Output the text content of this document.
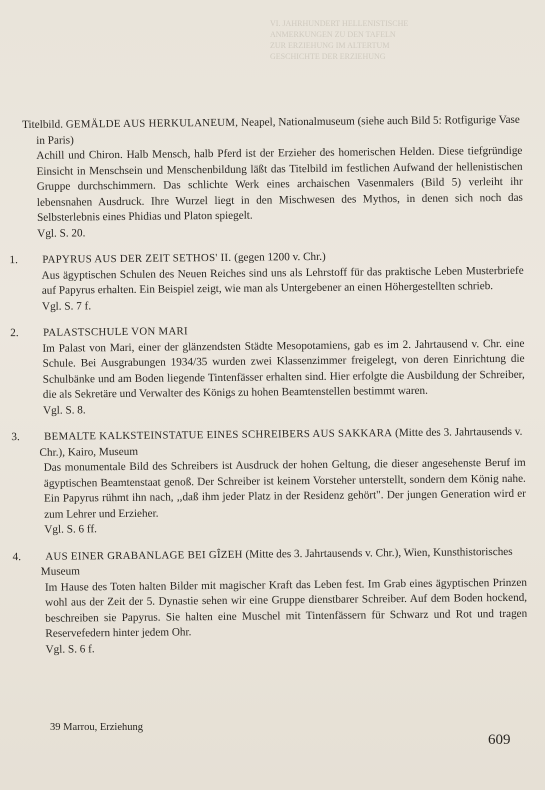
VI. JAHRHUNDERT HELLENISTISCHE
ANMERKUNGEN ZU DEN TAFELN
ZUR ERZIEHUNG IM ALTERTUM
GESCHICHTE DER ERZIEHUNG
Titelbild. GEMÄLDE AUS HERKULANEUM, Neapel, Nationalmuseum (siehe auch Bild 5: Rotfigurige Vase in Paris)
Achill und Chiron. Halb Mensch, halb Pferd ist der Erzieher des homerischen Helden. Diese tiefgründige Einsicht in Menschsein und Menschenbildung läßt das Titelbild im festlichen Aufwand der hellenistischen Gruppe durchschimmern. Das schlichte Werk eines archaischen Vasenmalers (Bild 5) verleiht ihr lebensnahen Ausdruck. Ihre Wurzel liegt in den Mischwesen des Mythos, in denen sich noch das Selbsterlebnis eines Phidias und Platon spiegelt.
Vgl. S. 20.
1. PAPYRUS AUS DER ZEIT SETHOS' II. (gegen 1200 v. Chr.)
Aus ägyptischen Schulen des Neuen Reiches sind uns als Lehrstoff für das praktische Leben Musterbriefe auf Papyrus erhalten. Ein Beispiel zeigt, wie man als Untergebener an einen Höhergestellten schrieb.
Vgl. S. 7 f.
2. PALASTSCHULE VON MARI
Im Palast von Mari, einer der glänzendsten Städte Mesopotamiens, gab es im 2. Jahrtausend v. Chr. eine Schule. Bei Ausgrabungen 1934/35 wurden zwei Klassenzimmer freigelegt, von deren Einrichtung die Schulbänke und am Boden liegende Tintenfässer erhalten sind. Hier erfolgte die Ausbildung der Schreiber, die als Sekretäre und Verwalter des Königs zu hohen Beamtenstellen bestimmt waren.
Vgl. S. 8.
3. BEMALTE KALKSTEINSTATUE EINES SCHREIBERS AUS SAKKARA (Mitte des 3. Jahrtausends v. Chr.), Kairo, Museum
Das monumentale Bild des Schreibers ist Ausdruck der hohen Geltung, die dieser angesehenste Beruf im ägyptischen Beamtenstaat genoß. Der Schreiber ist keinem Vorsteher unterstellt, sondern dem König nahe. Ein Papyrus rühmt ihn nach, ,,daß ihm jeder Platz in der Residenz gehört". Der jungen Generation wird er zum Lehrer und Erzieher.
Vgl. S. 6 ff.
4. AUS EINER GRABANLAGE BEI GÎZEH (Mitte des 3. Jahrtausends v. Chr.), Wien, Kunsthistorisches Museum
Im Hause des Toten halten Bilder mit magischer Kraft das Leben fest. Im Grab eines ägyptischen Prinzen wohl aus der Zeit der 5. Dynastie sehen wir eine Gruppe dienstbarer Schreiber. Auf dem Boden hockend, beschreiben sie Papyrus. Sie halten eine Muschel mit Tintenfässern für Schwarz und Rot und tragen Reservefedern hinter jedem Ohr.
Vgl. S. 6 f.
39 Marrou, Erziehung
609
